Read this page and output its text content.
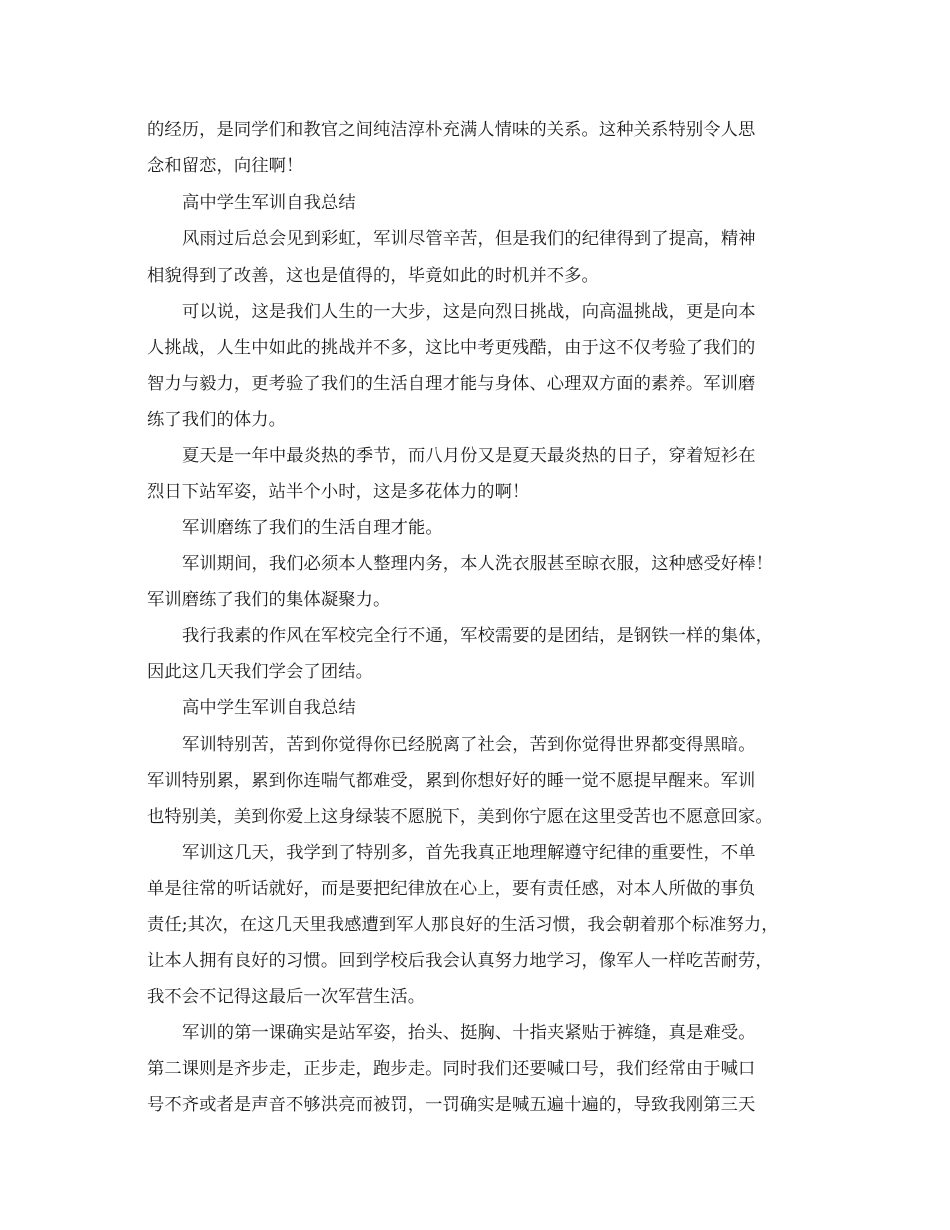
的经历，是同学们和教官之间纯洁淳朴充满人情味的关系。这种关系特别令人思
念和留恋，向往啊！
高中学生军训自我总结
风雨过后总会见到彩虹，军训尽管辛苦，但是我们的纪律得到了提高，精神
相貌得到了改善，这也是值得的，毕竟如此的时机并不多。
可以说，这是我们人生的一大步，这是向烈日挑战，向高温挑战，更是向本
人挑战，人生中如此的挑战并不多，这比中考更残酷，由于这不仅考验了我们的
智力与毅力，更考验了我们的生活自理才能与身体、心理双方面的素养。军训磨
练了我们的体力。
夏天是一年中最炎热的季节，而八月份又是夏天最炎热的日子，穿着短衫在
烈日下站军姿，站半个小时，这是多花体力的啊！
军训磨练了我们的生活自理才能。
军训期间，我们必须本人整理内务，本人洗衣服甚至晾衣服，这种感受好棒！
军训磨练了我们的集体凝聚力。
我行我素的作风在军校完全行不通，军校需要的是团结，是钢铁一样的集体，
因此这几天我们学会了团结。
高中学生军训自我总结
军训特别苦，苦到你觉得你已经脱离了社会，苦到你觉得世界都变得黑暗。
军训特别累，累到你连喘气都难受，累到你想好好的睡一觉不愿提早醒来。军训
也特别美，美到你爱上这身绿装不愿脱下，美到你宁愿在这里受苦也不愿意回家。
军训这几天，我学到了特别多，首先我真正地理解遵守纪律的重要性，不单
单是往常的听话就好，而是要把纪律放在心上，要有责任感，对本人所做的事负
责任;其次，在这几天里我感遭到军人那良好的生活习惯，我会朝着那个标准努力，
让本人拥有良好的习惯。回到学校后我会认真努力地学习，像军人一样吃苦耐劳，
我不会不记得这最后一次军营生活。
军训的第一课确实是站军姿，抬头、挺胸、十指夹紧贴于裤缝，真是难受。
第二课则是齐步走，正步走，跑步走。同时我们还要喊口号，我们经常由于喊口
号不齐或者是声音不够洪亮而被罚，一罚确实是喊五遍十遍的，导致我刚第三天
